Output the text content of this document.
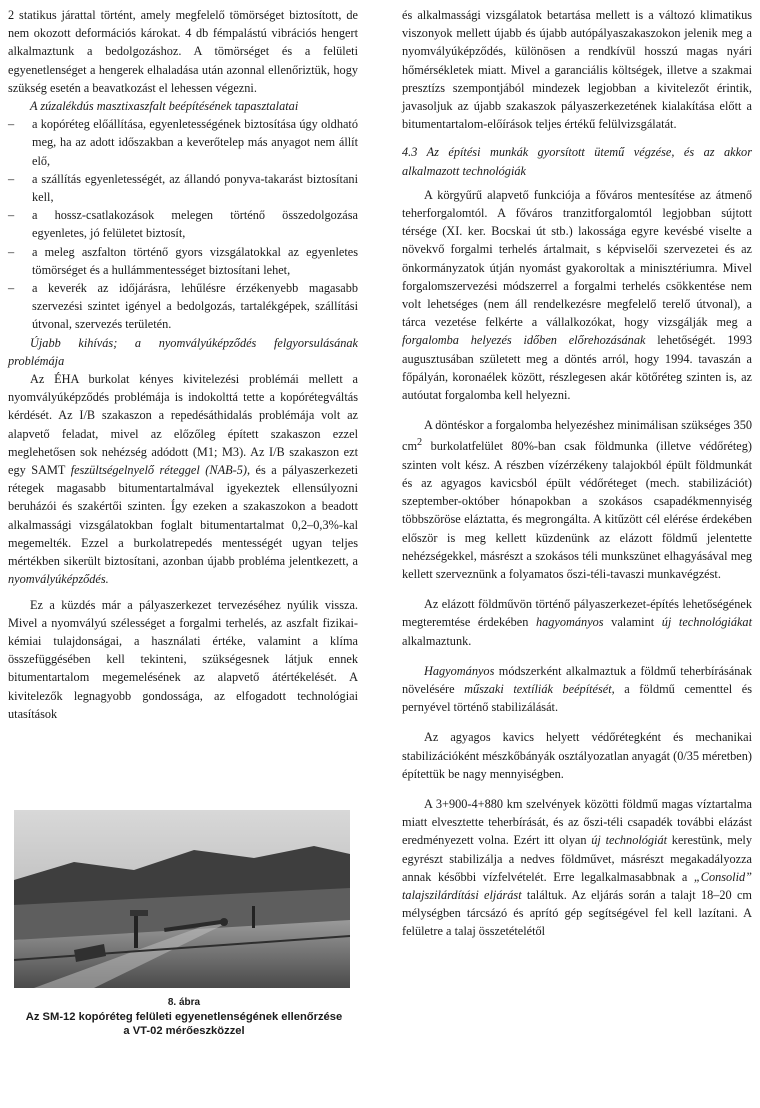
2 statikus járattal történt, amely megfelelő tömörséget biztosított, de nem okozott deformációs károkat. 4 db fémpalástú vibrációs hengert alkalmaztunk a bedolgozáshoz. A tömörséget és a felületi egyenetlenséget a hengerek elhaladása után azonnal ellenőriztük, hogy szükség esetén a beavatkozást el lehessen végezni.

A zúzalékdús masztixaszfalt beépítésének tapasztalatai

– a kopóréteg előállítása, egyenletességének biztosítása úgy oldható meg, ha az adott időszakban a keverőtelep más anyagot nem állít elő,
– a szállítás egyenletességét, az állandó ponyva-takarást biztosítani kell,
– a hossz-csatlakozások melegen történő összedolgozása egyenletes, jó felületet biztosít,
– a meleg aszfalton történő gyors vizsgálatokkal az egyenletes tömörséget és a hullámmentességet biztosítani lehet,
– a keverék az időjárásra, lehűlésre érzékenyebb magasabb szervezési szintet igényel a bedolgozás, tartalékgépek, szállítási útvonal, szervezés területén.

Újabb kihívás; a nyomvályúképződés felgyorsulásának problémája

Az ÉHA burkolat kényes kivitelezési problémái mellett a nyomvályúképződés problémája is indokolttá tette a kopórétegváltás kérdését. Az I/B szakaszon a repedésáthidalás problémája volt az alapvető feladat, mivel az előzőleg épített szakaszon ezzel meglehetősen sok nehézség adódott (M1; M3). Az I/B szakaszon ezt egy SAMT feszültségelnyelő réteggel (NAB-5), és a pályaszerkezeti rétegek magasabb bitumentartalmával igyekeztek ellensúlyozni beruházói és szakértői szinten. Így ezeken a szakaszokon a beadott alkalmassági vizsgálatokban foglalt bitumentartalmat 0,2–0,3%-kal megemelték. Ezzel a burkolatrepedés mentességét ugyan teljes mértékben sikerült biztosítani, azonban újabb probléma jelentkezett, a nyomvályúképződés.

Ez a küzdés már a pályaszerkezet tervezéséhez nyúlik vissza. Mivel a nyomvályú szélességet a forgalmi terhelés, az aszfalt fizikai-kémiai tulajdonságai, a használati értéke, valamint a klíma összefüggésében kell tekinteni, szükségesnek látjuk ennek bitumentartalom megemelésének az alapvető átértékelését. A kivitelezők legnagyobb gondossága, az elfogadott technológiai utasítások

8. ábra
Az SM-12 kopóréteg felületi egyenetlenségének ellenőrzése
a VT-02 mérőeszközzel

és alkalmassági vizsgálatok betartása mellett is a változó klimatikus viszonyok mellett újabb és újabb autópályaszakaszokon jelenik meg a nyomvályúképződés, különösen a rendkívül hosszú magas nyári hőmérsékletek miatt. Mivel a garanciális költségek, illetve a szakmai presztízs szempontjából mindezek legjobban a kivitelezőt érintik, javasoljuk az újabb szakaszok pályaszerkezetének kialakítása előtt a bitumentartalom-előírások teljes értékű felülvizsgálatát.

4.3 Az építési munkák gyorsított ütemű végzése, és az akkor alkalmazott technológiák

A körgyűrű alapvető funkciója a főváros mentesítése az átmenő teherforgalomtól. A főváros tranzitforgalomtól legjobban sújtott térsége (XI. ker. Bocskai út stb.) lakossága egyre kevésbé viselte a növekvő forgalmi terhelés ártalmait, s képviselői szervezetei és az önkormányzatok útján nyomást gyakoroltak a minisztériumra. Mivel forgalomszervezési módszerrel a forgalmi terhelés csökkentése nem volt lehetséges (nem áll rendelkezésre megfelelő terelő útvonal), a tárca vezetése felkérte a vállalkozókat, hogy vizsgálják meg a forgalomba helyezés időben előrehozásának lehetőségét. 1993 augusztusában született meg a döntés arról, hogy 1994. tavaszán a főpályán, koronaélek között, részlegesen akár kötőréteg szinten is, az autóutat forgalomba kell helyezni.

A döntéskor a forgalomba helyezéshez minimálisan szükséges 350 $cm^2$ burkolatfelület 80%-ban csak földmunka (illetve védőréteg) szinten volt kész. A részben vízérzékeny talajokból épült földmunkát és az agyagos kavicsból épült védőréteget (mech. stabilizációt) szeptember-október hónapokban a szokásos csapadékmennyiség többszöröse eláztatta, és megrongálta. A kitűzött cél elérése érdekében először is meg kellett küzdenünk az elázott földmű jelentette nehézségekkel, másrészt a szokásos téli munkszünet elhagyásával meg kellett szerveznünk a folyamatos őszi-téli-tavaszi munkavégzést.

Az elázott földművön történő pályaszerkezet-építés lehetőségének megteremtése érdekében hagyományos valamint új technológiákat alkalmaztunk.

Hagyományos módszerként alkalmaztuk a földmű teherbírásának növelésére műszaki textíliák beépítését, a földmű cementtel és pernyével történő stabilizálását.

Az agyagos kavics helyett védőrétegként és mechanikai stabilizációként mészkőbányák osztályozatlan anyagát (0/35 méretben) építettük be nagy mennyiségben.

A 3+900-4+880 km szelvények közötti földmű magas víztartalma miatt elvesztette teherbírását, és az őszi-téli csapadék további elázást eredményezett volna. Ezért itt olyan új technológiát kerestünk, mely egyrészt stabilizálja a nedves földművet, másrészt megakadályozza annak későbbi vízfelvételét. Erre legalkalmasabbnak a „Consolid” talajszilárdítási eljárást találtuk. Az eljárás során a talajt 18–20 cm mélységben tárcsázó és aprító gép segítségével fel kell lazítani. A felületre a talaj összetételétől
